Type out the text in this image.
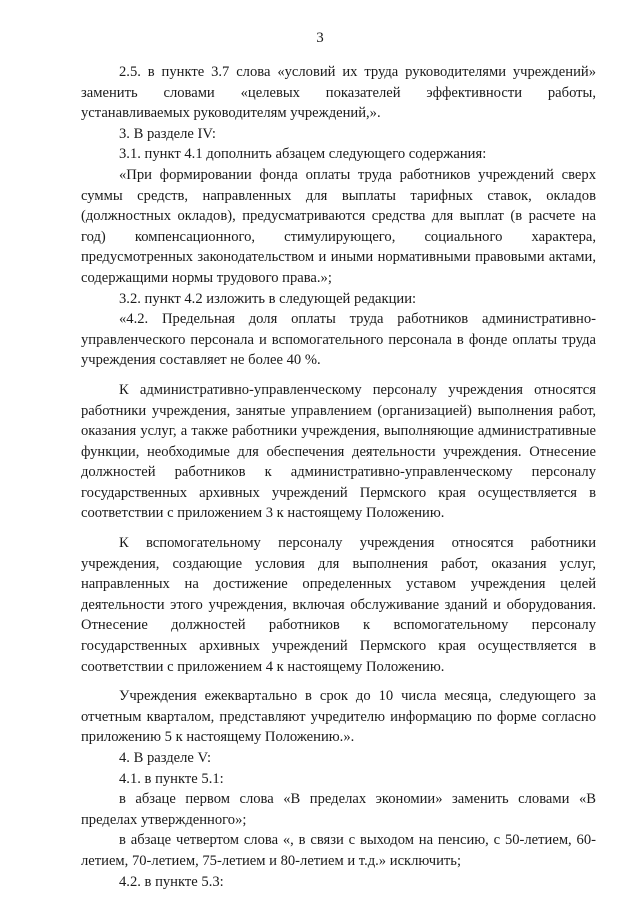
3

2.5. в пункте 3.7 слова «условий их труда руководителями учреждений» заменить словами «целевых показателей эффективности работы, устанавливаемых руководителям учреждений,».

3. В разделе IV:

3.1. пункт 4.1 дополнить абзацем следующего содержания:

«При формировании фонда оплаты труда работников учреждений сверх суммы средств, направленных для выплаты тарифных ставок, окладов (должностных окладов), предусматриваются средства для выплат (в расчете на год) компенсационного, стимулирующего, социального характера, предусмотренных законодательством и иными нормативными правовыми актами, содержащими нормы трудового права.»;

3.2. пункт 4.2 изложить в следующей редакции:

«4.2. Предельная доля оплаты труда работников административно-управленческого персонала и вспомогательного персонала в фонде оплаты труда учреждения составляет не более 40 %.

К административно-управленческому персоналу учреждения относятся работники учреждения, занятые управлением (организацией) выполнения работ, оказания услуг, а также работники учреждения, выполняющие административные функции, необходимые для обеспечения деятельности учреждения. Отнесение должностей работников к административно-управленческому персоналу государственных архивных учреждений Пермского края осуществляется в соответствии с приложением 3 к настоящему Положению.

К вспомогательному персоналу учреждения относятся работники учреждения, создающие условия для выполнения работ, оказания услуг, направленных на достижение определенных уставом учреждения целей деятельности этого учреждения, включая обслуживание зданий и оборудования. Отнесение должностей работников к вспомогательному персоналу государственных архивных учреждений Пермского края осуществляется в соответствии с приложением 4 к настоящему Положению.

Учреждения ежеквартально в срок до 10 числа месяца, следующего за отчетным кварталом, представляют учредителю информацию по форме согласно приложению 5 к настоящему Положению.».

4. В разделе V:

4.1. в пункте 5.1:

в абзаце первом слова «В пределах экономии» заменить словами «В пределах утвержденного»;

в абзаце четвертом слова «, в связи с выходом на пенсию, с 50-летием, 60-летием, 70-летием, 75-летием и 80-летием и т.д.» исключить;

4.2. в пункте 5.3:
